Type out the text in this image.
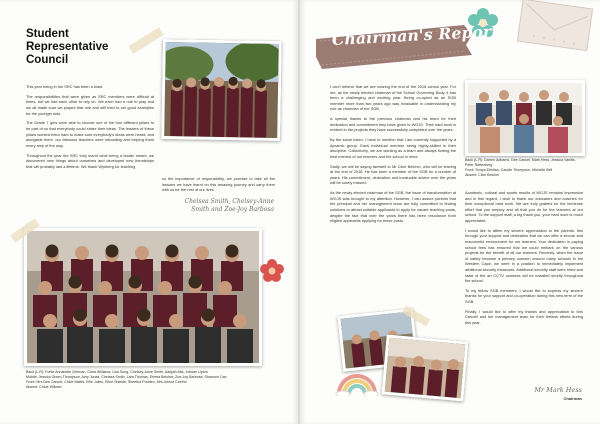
Student Representative Council

This year being in the SRC has been a blast.

The responsibilities that were given as SRC members were difficult at times, but we had each other to rely on. We each had a role to play and we all made sure we played that role and still tried to set good examples for the younger kids.

The Grade 7 girls were able to choose one of the four different pillars to be part of so that everybody could share their ideas. The leaders of these pillars worked extra hard to make sure everybody's ideas were heard, and alongside them, our fabulous teachers were educating and helping them every step of the way.

Throughout the year the SRC truly learnt what being a leader meant, we discovered new things about ourselves and developed new friendships that will probably last a lifetime. We thank Wynberg for teaching

us the importance of responsibility, we promise to take all the lessons we have learnt on this amazing journey and carry them with us for the rest of our lives.

Chelsea Smith, Chelsey-Anne Smith and Zoe-Joy Barbosa
Back (L-R): Fortie Annabelle Zeeman, Clara Williams, Lisa Sung, Chelsey-Anne Smith, Aaliyah Mia, Johnan Upton
Middle: Jessica Green-Thompson, Amy Jonas, Chelsea Smith, Lara Thomas, Emma Belcher, Zoe-Joy Barbosa, Shannon Carr
Front: Mrs Dee Cancel, Chloé Mattis, Ellie Julies, Ellen Shields, Sheetha Pudden, Mrs Jolene Coelho
Absent: Chloé Willeart
Chairman's Report

I can't believe that we are nearing the end of the 2018 school year. For me, as the newly elected chairman of the School Governing Body, it has been a challenging and exciting year. Being co-opted as an SGB member more than two years ago was invaluable in understanding my role as chairman of the SGB.

A special thanks to the previous chairman and his team for their dedication and commitment they have given to WGJS. Their hard work is evident in the projects they have successfully completed over the years.

By the same token, I have to mention that I am currently supported by a dynamic group. Each individual member being highly-skilled in their discipline. Collectively, we are working as a team and always finding the best interest of our learners and the school in mind.

Sadly, we will be saying farewell to Mr Clive Belcher, who will be leaving at the end of 2018. He has been a member of the SGB for a number of years. His commitment, dedication and invaluable advice over the years will be sorely missed.

As the newly elected chairman of the SGB, the issue of transformation at WGJS was brought to my attention. However, I can assure parents that the principal and her management team are fully committed to finding solutions to attract suitable applicants to apply for vacant teaching posts, despite the fact that over the years there has been reluctance from eligible applicants applying for these posts.

Back (L-R): Darren Adhams, Dee Cancel, Mark Hess, Jessica Vanitis, Peter Rattenberg
Front: Sonya Ebeltan, Candie Thompson, Michelle Bell
Absent: Clive Belcher

Academic, cultural and sports results of WGJS remains impressive and in this regard, I wish to thank our educators and coaches for their exceptional hard work. We are truly grateful for the immense effort that you employ and all that you do for the learners at our school. To the support staff, a big thank you, your hard work is much appreciated.

I would like to affirm my sincere appreciation to the parents, this through your support and dedication that we can offer a secure and resourceful environment for our learners. Your dedication in paying school fees has ensured that we could embark on the various projects for the benefit of all our learners. Recently, when the issue of safety became a primary concern around many schools in the Western Cape, we were in a position to immediately implement additional security measures. Additional security staff were hired and state of the art CCTV cameras will be installed shortly throughout the school.

To my fellow SGB members, I would like to express my sincere thanks for your support and co-operation during this new term of the SGB.

Finally, I would like to offer my thanks and appreciation to Mrs Cancell and her management team for their tireless efforts during this year.

Mr Mark Hess
Chairman
